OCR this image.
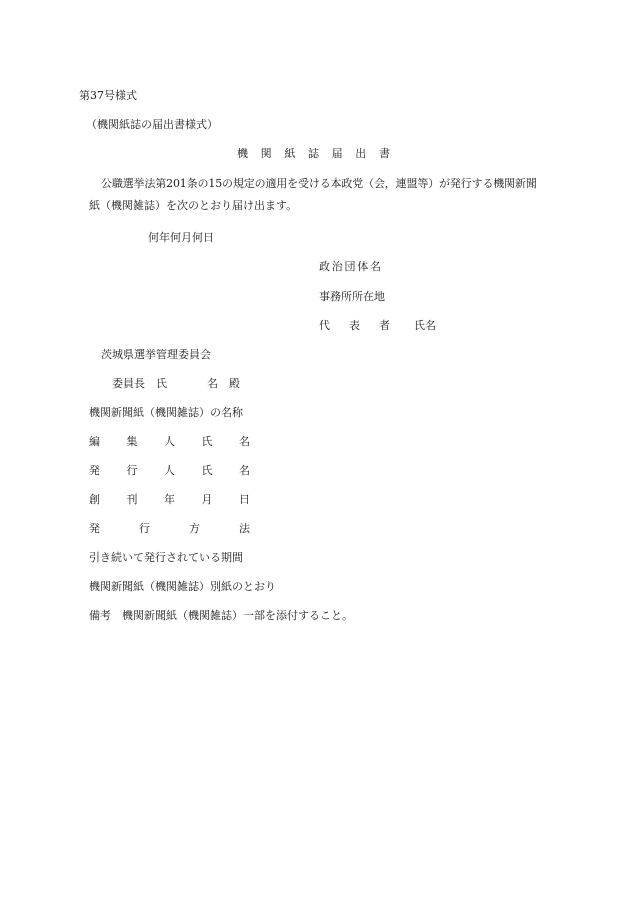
第37号様式
（機関紙誌の届出書様式）
機 関 紙 誌 届 出 書
公職選挙法第201条の15の規定の適用を受ける本政党（会，連盟等）が発行する機関新聞
紙（機関雑誌）を次のとおり届け出ます。
何年何月何日
政 治 団 体 名
事務所所在地
代 表 者 氏名
茨城県選挙管理委員会
委員長　氏	名　殿
機関新聞紙（機関雑誌）の名称
編 集 人 氏 名
発 行 人 氏 名
創 刊 年 月 日
発	行	方	法
引き続いて発行されている期間
機関新聞紙（機関雑誌）別紙のとおり
備考　機関新聞紙（機関雑誌）一部を添付すること。
